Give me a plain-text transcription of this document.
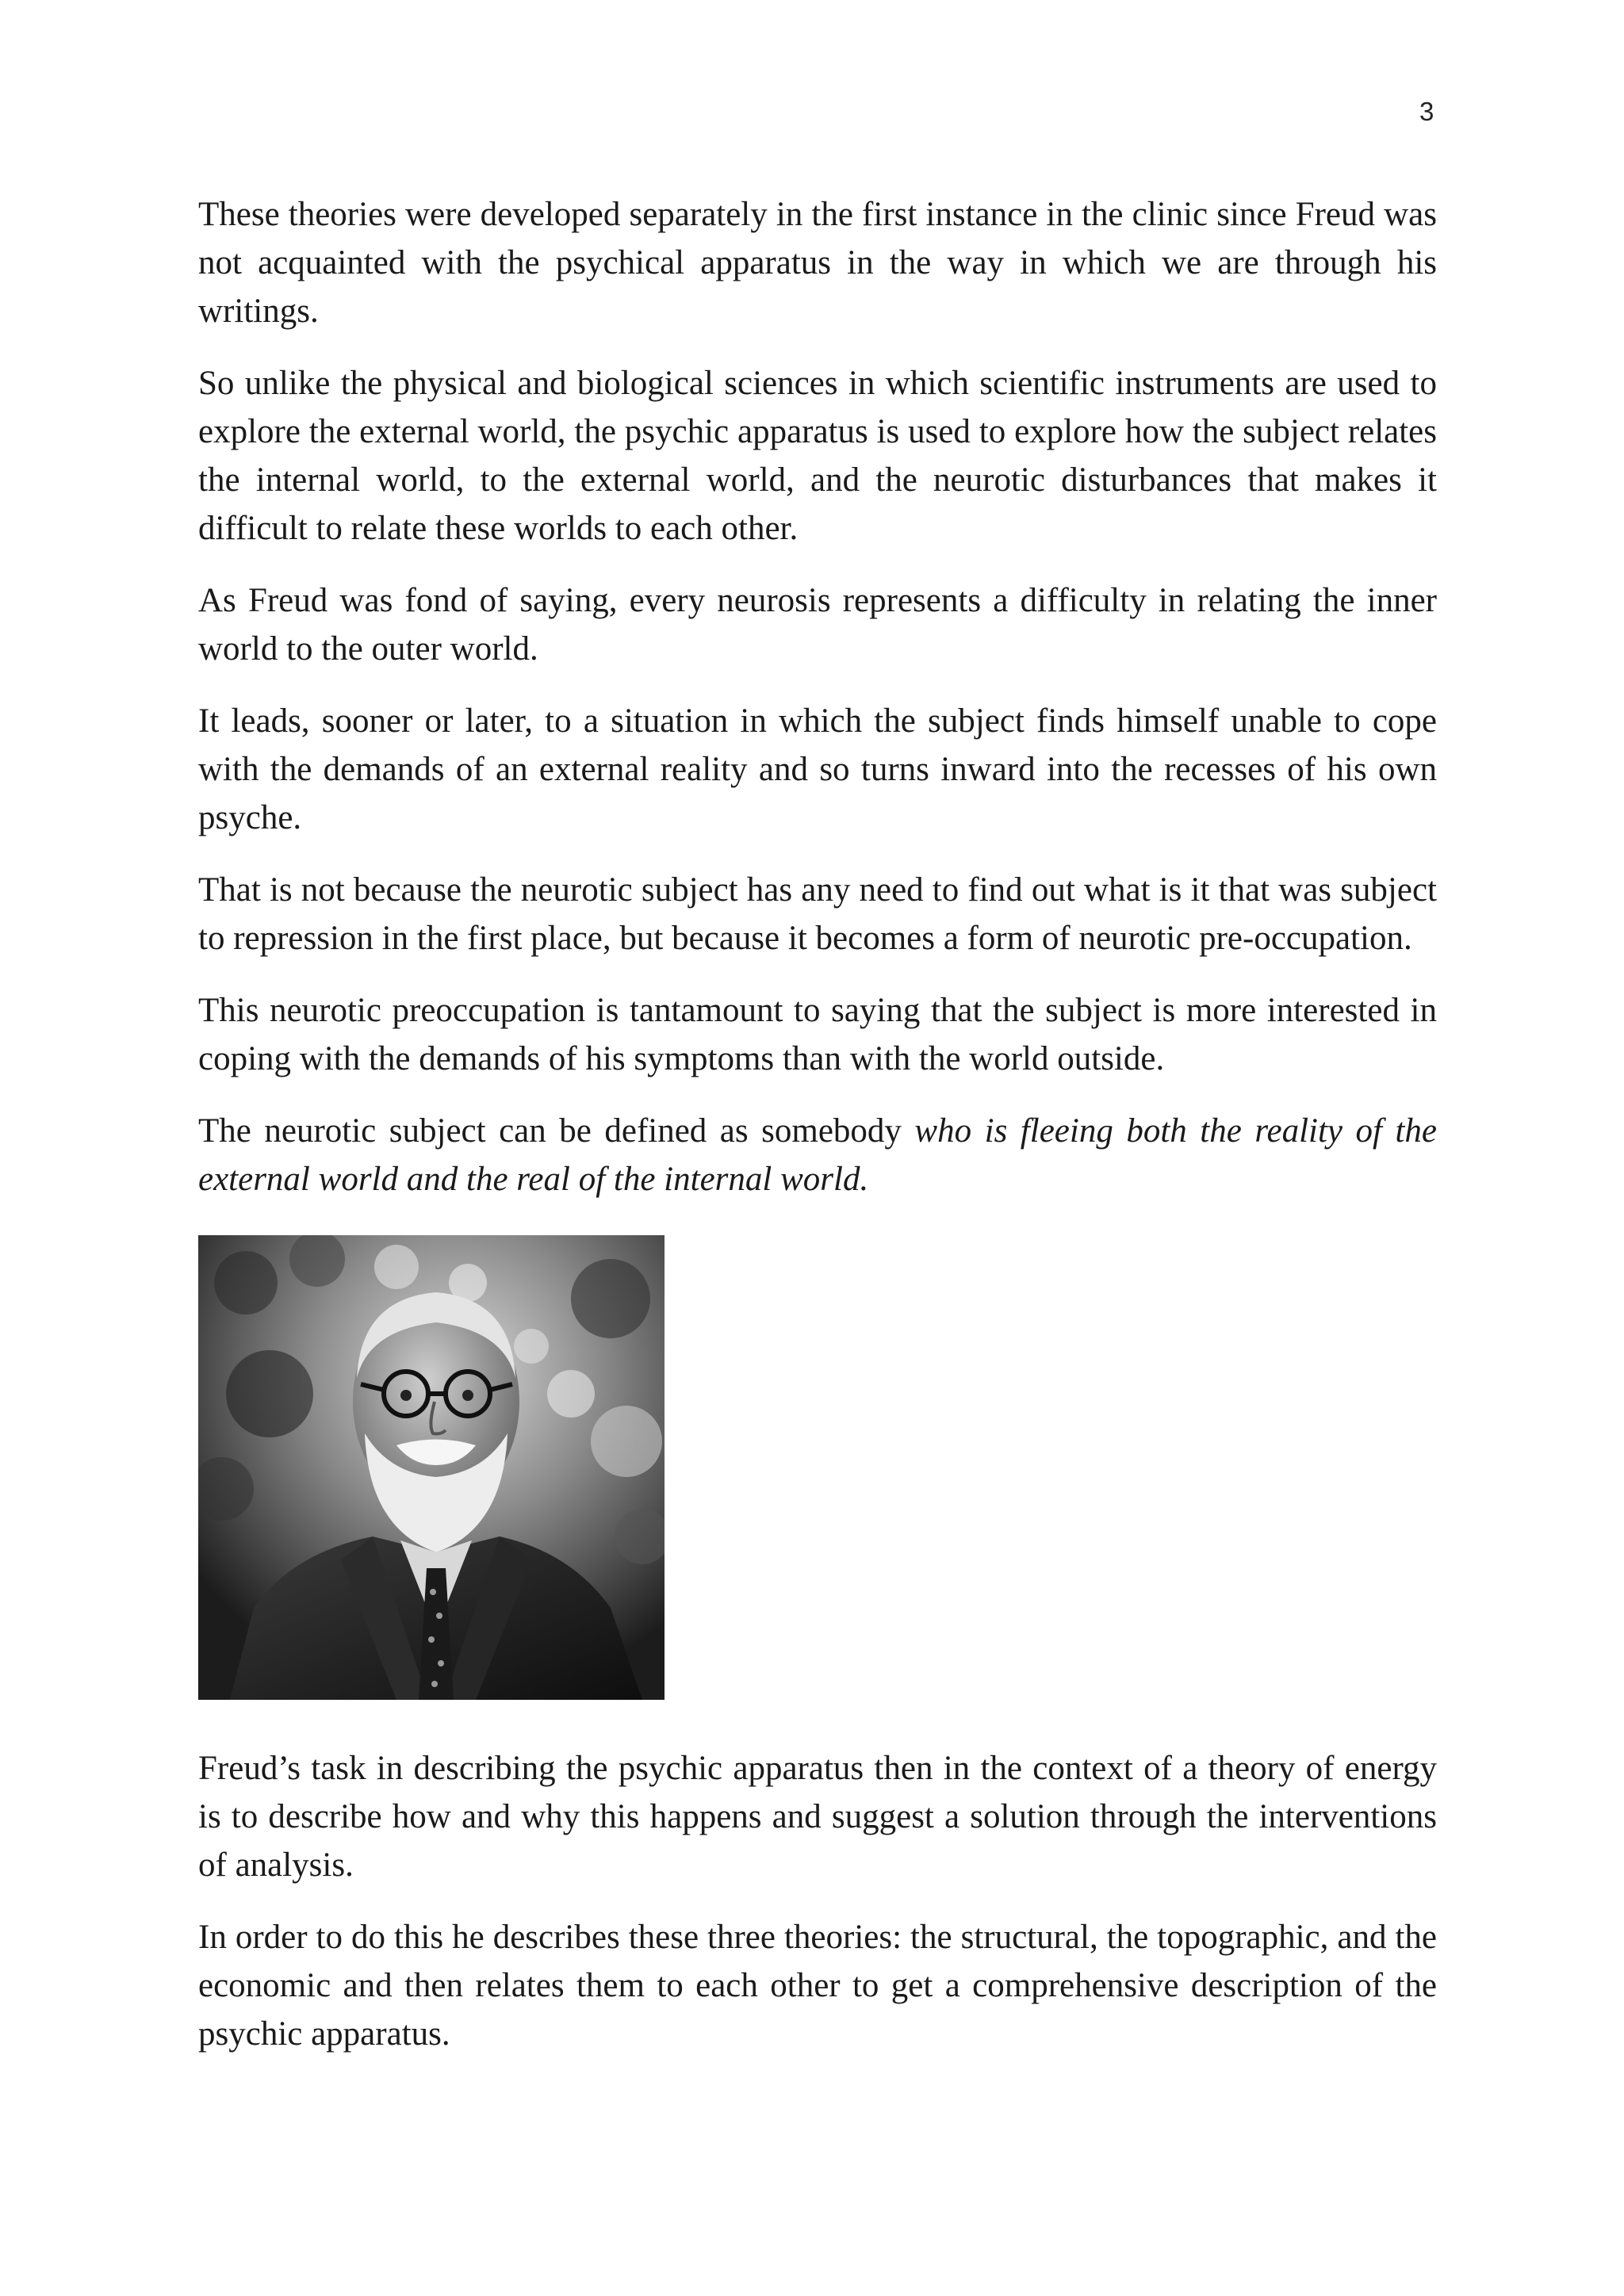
3

These theories were developed separately in the first instance in the clinic since Freud was not acquainted with the psychical apparatus in the way in which we are through his writings.

So unlike the physical and biological sciences in which scientific instruments are used to explore the external world, the psychic apparatus is used to explore how the subject relates the internal world, to the external world, and the neurotic disturbances that makes it difficult to relate these worlds to each other.

As Freud was fond of saying, every neurosis represents a difficulty in relating the inner world to the outer world.

It leads, sooner or later, to a situation in which the subject finds himself unable to cope with the demands of an external reality and so turns inward into the recesses of his own psyche.

That is not because the neurotic subject has any need to find out what is it that was subject to repression in the first place, but because it becomes a form of neurotic pre-occupation.

This neurotic preoccupation is tantamount to saying that the subject is more interested in coping with the demands of his symptoms than with the world outside.

The neurotic subject can be defined as somebody who is fleeing both the reality of the external world and the real of the internal world.

Freud’s task in describing the psychic apparatus then in the context of a theory of energy is to describe how and why this happens and suggest a solution through the interventions of analysis.

In order to do this he describes these three theories: the structural, the topographic, and the economic and then relates them to each other to get a comprehensive description of the psychic apparatus.
